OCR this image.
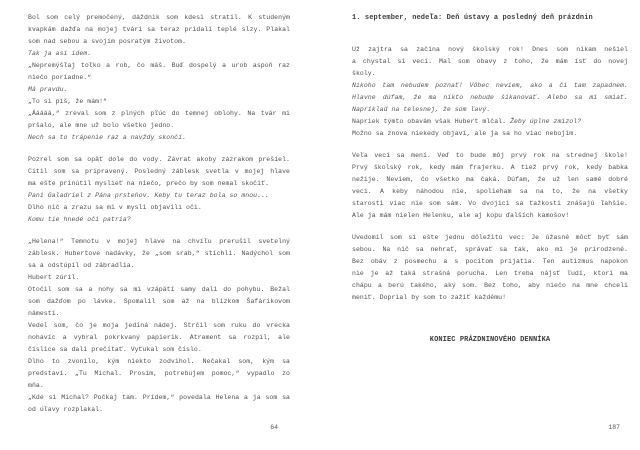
Bol som celý premočený, dáždnik som kdesi stratil. K studeným
kvapkám dažďa na mojej tvári sa teraz pridali teplé slzy. Plakal
som nad sebou a svojím posratým životom.
Tak ja asi idem.
„Nepremýšľaj toľko a rob, čo máš. Buď dospelý a urob aspoň raz
niečo poriadne.“
Má pravdu.
„To si píš, že mám!“
„Ááááá,“ zreval som z plných pľúc do temnej oblohy. Na tvár mi
pršalo, ale mne už bolo všetko jedno.
Nech sa to trápenie raz a navždy skončí.
Pozrel som sa opäť dole do vody. Závrat akoby zázrakom prešiel.
Cítil som sa pripravený. Posledný záblesk svetla v mojej hlave
ma ešte prinútil myslieť na niečo, prečo by som nemal skočiť.
Pani Galadriel z Pána prsteňov. Keby tu teraz bola so mnou...
Dlho nič a zrazu sa mi v mysli objavili oči.
Komu tie hnedé oči patria?
„Helena!“ Temnotu v mojej hlave na chvíľu prerušil svetelný
záblesk. Hubertove nadávky, že „som srab,“ stíchli. Nadýchol som
sa a odstúpil od zábradlia.
Hubert zúril.
Otočil som sa a nohy sa mi vzápätí samy dali do pohybu. Bežal
som dažďom po lávke. Spomalil som až na blízkom Šafárikovom
námestí.
Vedel som, čo je moja jediná nádej. Strčil som ruku do vrecka
nohavíc a vybral pokrkvaný papierik. Atrament sa rozpil, ale
číslice sa dali prečítať. Vyťukal som číslo.
Dlho to zvonilo, kým niekto zodvihol. Nečakal som, kým sa
predstaví. „Tu Michal. Prosím, potrebujem pomoc,“ vypadlo zo
mňa.
„Kde si Michal? Počkaj tam. Prídem,“ povedala Helena a ja som sa
od úľavy rozplakal.
64
1. september, nedeľa: Deň ústavy a posledný deň prázdnin
Už zajtra sa začína nový školský rok! Dnes som nikam nešiel
a chystal si veci. Mal som obavy z toho, že mám ísť do novej
školy.
Nikoho tam nebudem poznať! Vôbec neviem, ako a či tam zapadnem.
Hlavne dúfam, že ma nikto nebude šikanovať. Alebo sa mi smiať.
Napríklad na telesnej, že som ľavý.
Napriek týmto obavám však Hubert mlčal. Žeby úplne zmizol?
Možno sa znova niekedy objaví, ale ja sa ho viac nebojím.
Veľa vecí sa mení. Veď to bude môj prvý rok na strednej škole!
Prvý školský rok, kedy mám frajerku. A tiež prvý rok, kedy babka
nežije. Neviem, čo všetko ma čaká. Dúfam, že už len samé dobré
veci. A keby náhodou nie, spolieham sa na to, že na všetky
starosti viac nie som sám. Vo dvojici sa ťažkosti znášajú ľahšie.
Ale ja mám nielen Helenku, ale aj kopu ďalších kamošov!
Uvedomil som si ešte jednu dôležitú vec: Je úžasné môcť byť sám
sebou. Na nič sa nehrať, správať sa tak, ako mi je prirodzené.
Bez obáv z posmechu a s pocitom prijatia. Ten autizmus napokon
nie je až taká strašná porucha. Len treba nájsť ľudí, ktorí ma
chápu a berú takého, aký som. Bez toho, aby niečo na mne chceli
meniť. Doprial by som to zažiť každému!
KONIEC PRÁZDNINOVÉHO DENNÍKA
187
